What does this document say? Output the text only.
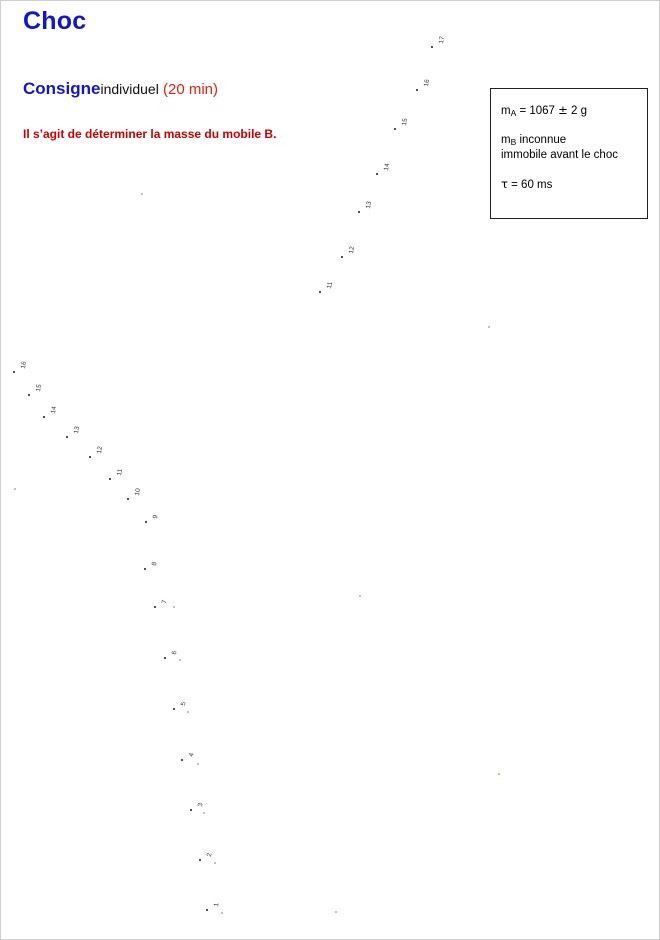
Choc
Consigneindividuel (20 min)
Il s’agit de déterminer la masse du mobile B.
$m_A = 1067 \pm 2$ g
$m_B$ inconnue
immobile avant le choc
τ = 60 ms
17
16
15
14
13
12
11
16
15
14
13
12
11
10
9
8
7
6
5
4
3
2
1
